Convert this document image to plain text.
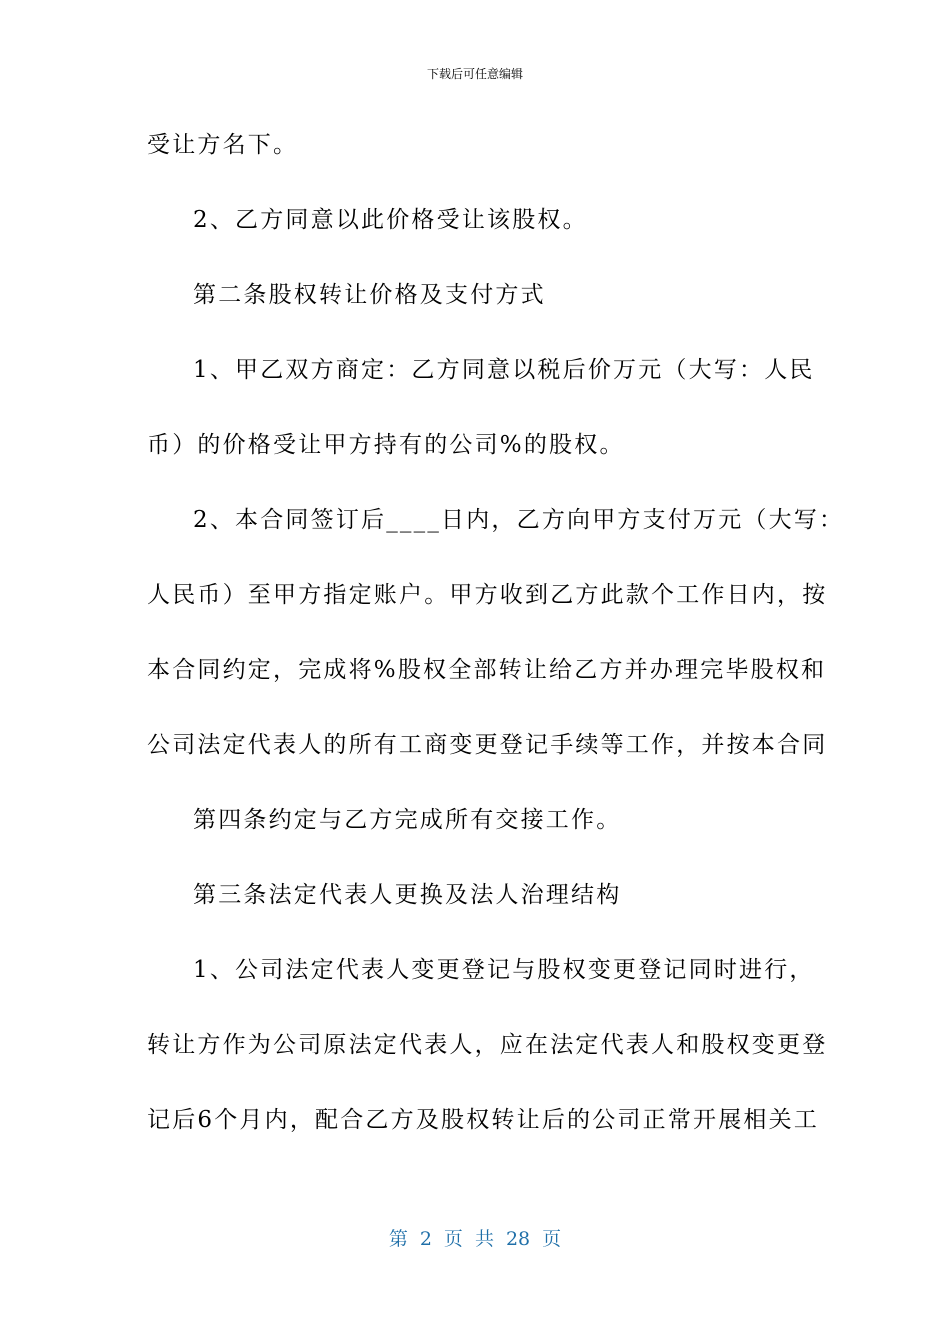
下载后可任意编辑
受让方名下。
2、乙方同意以此价格受让该股权。
第二条股权转让价格及支付方式
1、甲乙双方商定：乙方同意以税后价万元（大写：人民
币）的价格受让甲方持有的公司%的股权。
2、本合同签订后____日内，乙方向甲方支付万元（大写：
人民币）至甲方指定账户。甲方收到乙方此款个工作日内，按
本合同约定，完成将%股权全部转让给乙方并办理完毕股权和
公司法定代表人的所有工商变更登记手续等工作，并按本合同
第四条约定与乙方完成所有交接工作。
第三条法定代表人更换及法人治理结构
1、公司法定代表人变更登记与股权变更登记同时进行，
转让方作为公司原法定代表人，应在法定代表人和股权变更登
记后6个月内，配合乙方及股权转让后的公司正常开展相关工
第 2 页 共 28 页
